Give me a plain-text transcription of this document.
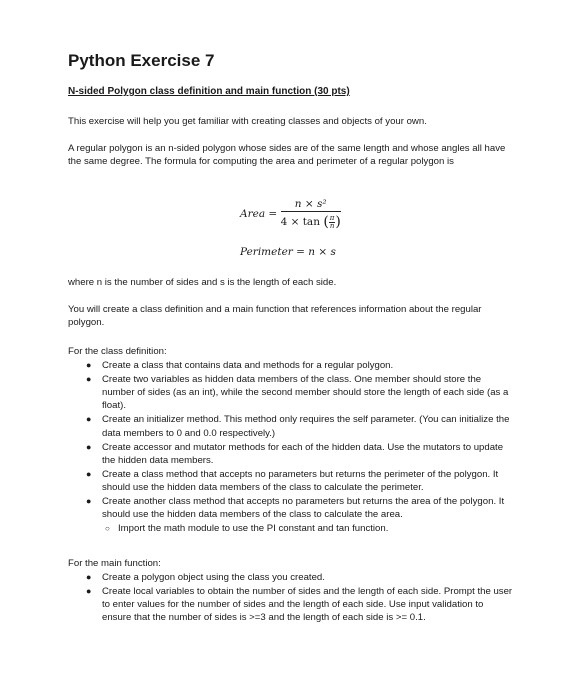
Python Exercise 7

N-sided Polygon class definition and main function (30 pts)

This exercise will help you get familiar with creating classes and objects of your own.

A regular polygon is an n-sided polygon whose sides are of the same length and whose angles all have the same degree. The formula for computing the area and perimeter of a regular polygon is

Area = $\frac{\text{n × s²}}{4 \times \tan ( \frac{\pi}{n} )}$
Perimeter = n × s

where n is the number of sides and s is the length of each side.

You will create a class definition and a main function that references information about the regular polygon.

For the class definition:

● Create a class that contains data and methods for a regular polygon.
● Create two variables as hidden data members of the class. One member should store the number of sides (as an int), while the second member should store the length of each side (as a float).
● Create an initializer method. This method only requires the self parameter. (You can initialize the data members to 0 and 0.0 respectively.)
● Create accessor and mutator methods for each of the hidden data. Use the mutators to update the hidden data members.
● Create a class method that accepts no parameters but returns the perimeter of the polygon. It should use the hidden data members of the class to calculate the perimeter.
● Create another class method that accepts no parameters but returns the area of the polygon. It should use the hidden data members of the class to calculate the area.
○ Import the math module to use the PI constant and tan function.

For the main function:

● Create a polygon object using the class you created.
● Create local variables to obtain the number of sides and the length of each side. Prompt the user to enter values for the number of sides and the length of each side. Use input validation to ensure that the number of sides is >=3 and the length of each side is >= 0.1.
